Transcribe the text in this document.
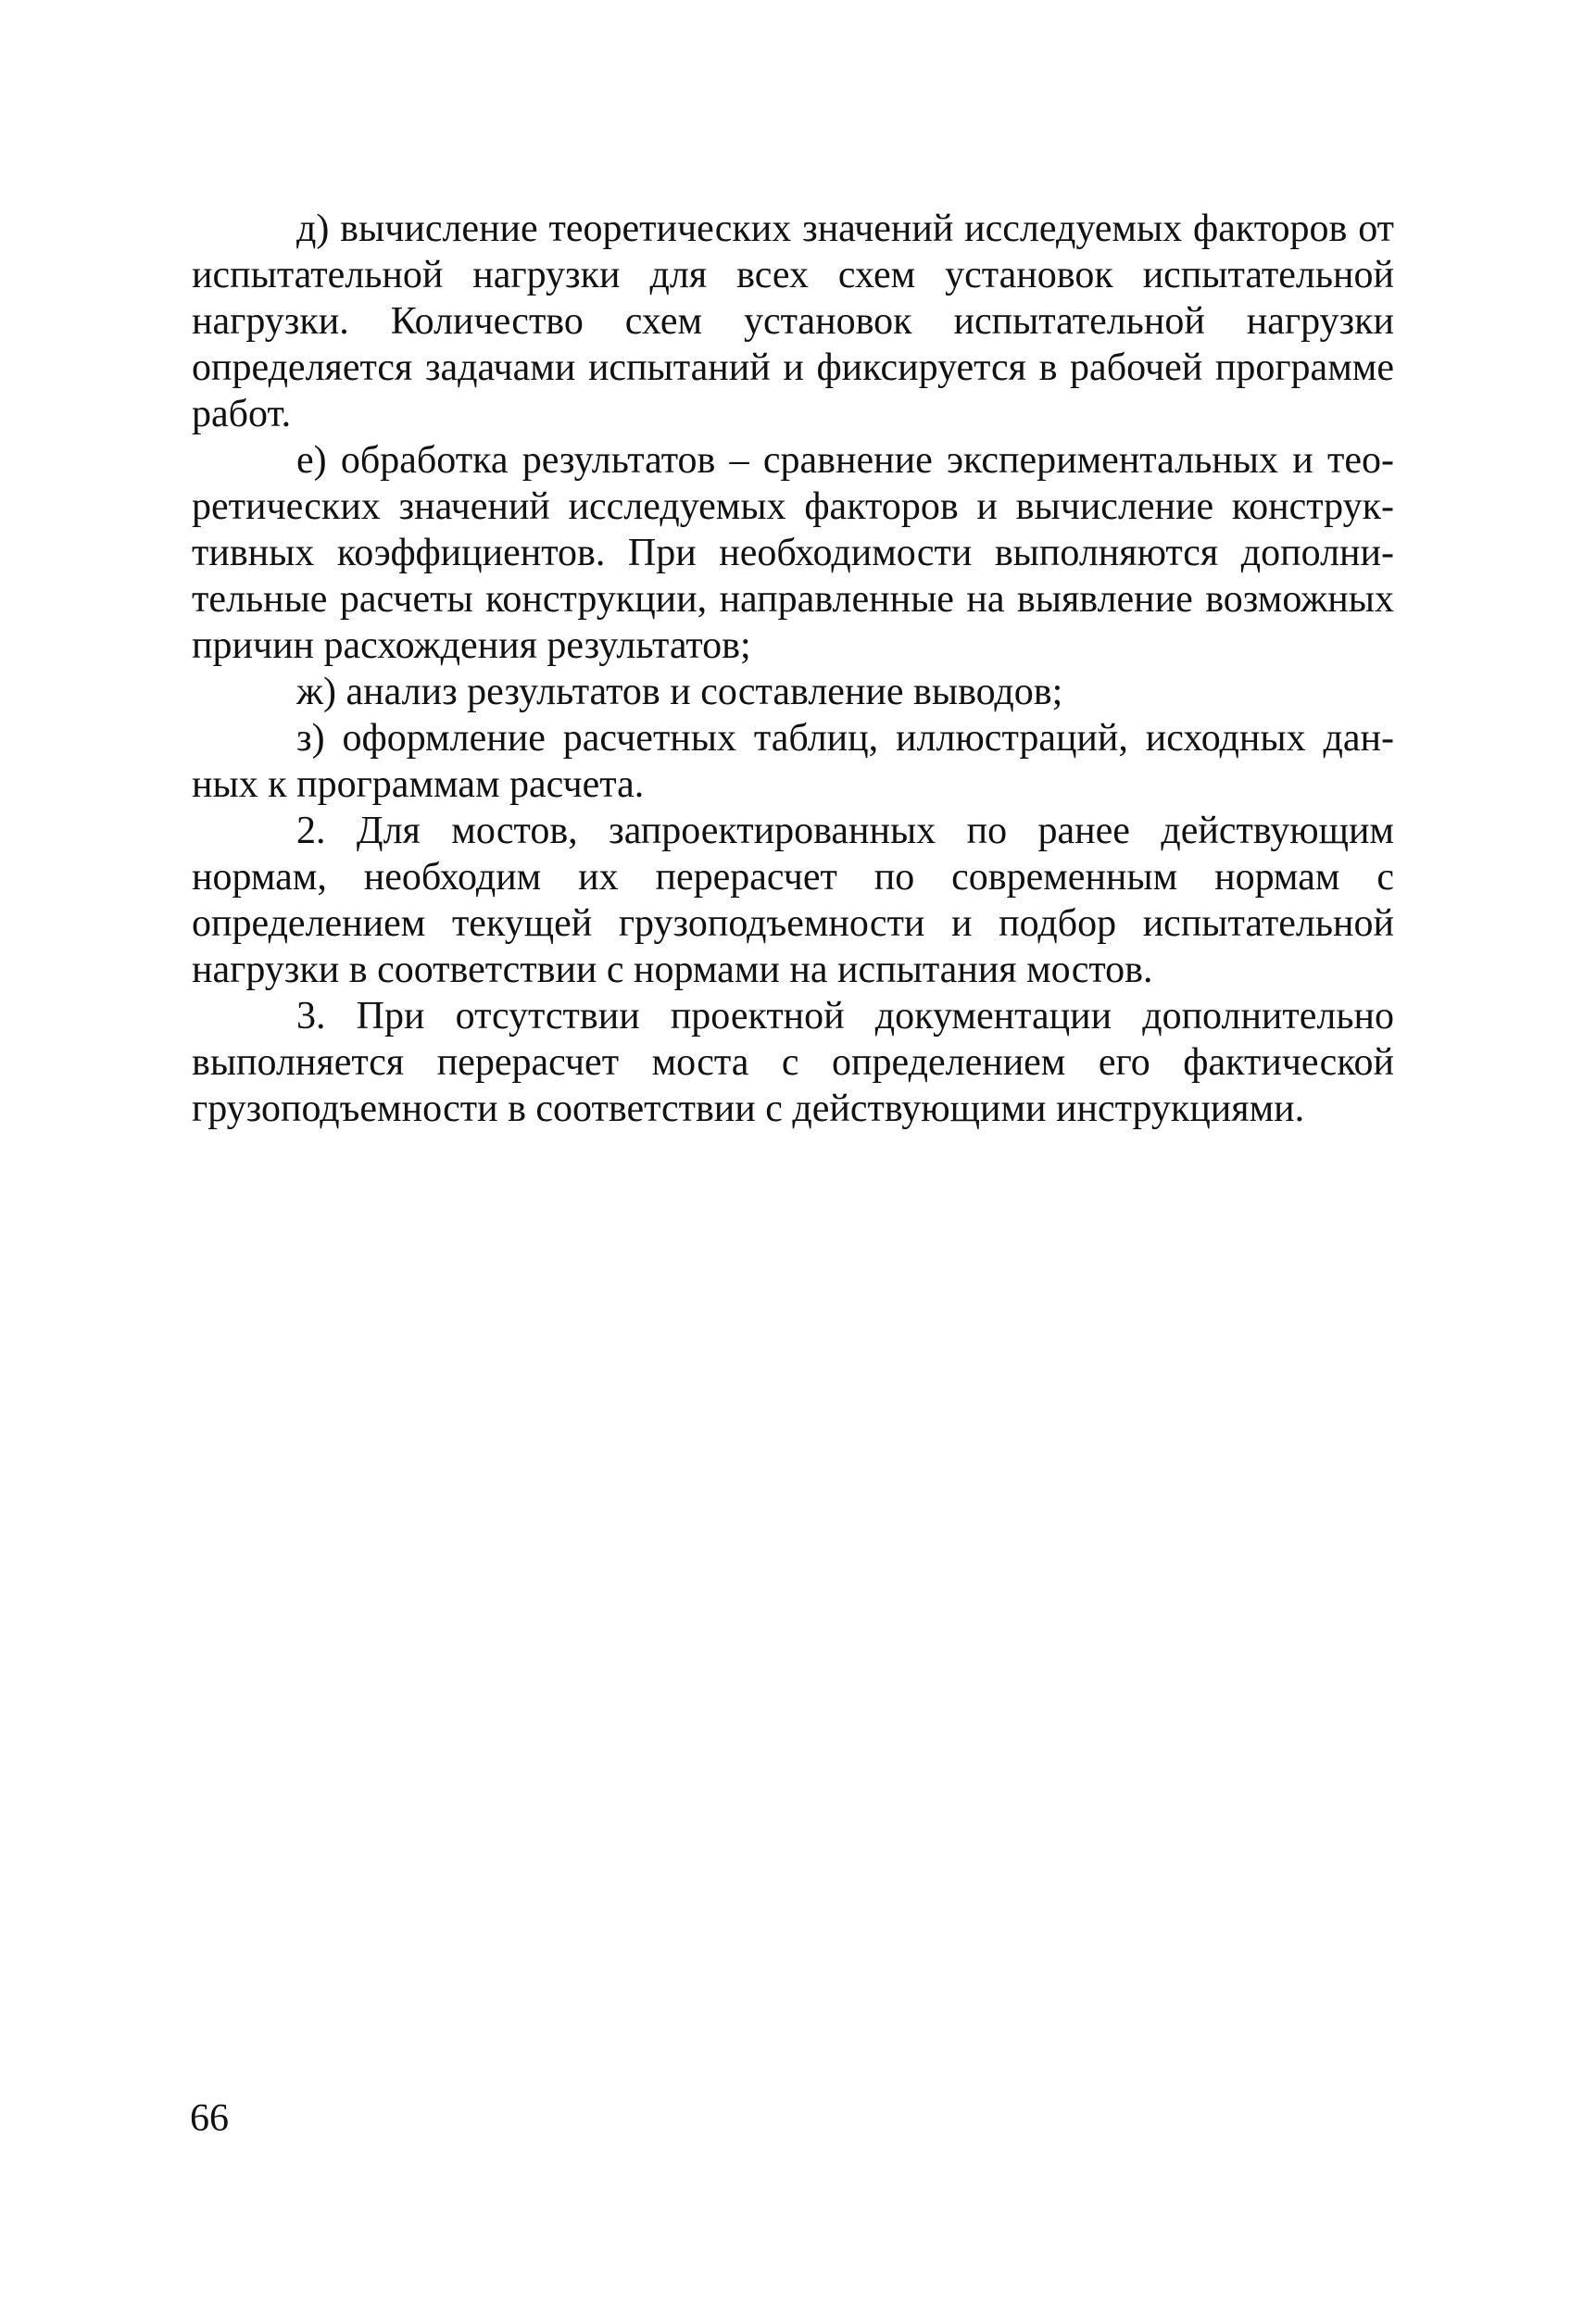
д) вычисление теоретических значений исследуемых факторов от испытательной нагрузки для всех схем установок испытательной нагрузки. Количество схем установок испытательной нагрузки определяется задачами испытаний и фиксируется в рабочей программе работ.

е) обработка результатов – сравнение экспериментальных и теоретических значений исследуемых факторов и вычисление конструктивных коэффициентов. При необходимости выполняются дополнительные расчеты конструкции, направленные на выявление возможных причин расхождения результатов;

ж) анализ результатов и составление выводов;

з) оформление расчетных таблиц, иллюстраций, исходных данных к программам расчета.

2. Для мостов, запроектированных по ранее действующим нормам, необходим их перерасчет по современным нормам с определением текущей грузоподъемности и подбор испытательной нагрузки в соответствии с нормами на испытания мостов.

3. При отсутствии проектной документации дополнительно выполняется перерасчет моста с определением его фактической грузоподъемности в соответствии с действующими инструкциями.

66
